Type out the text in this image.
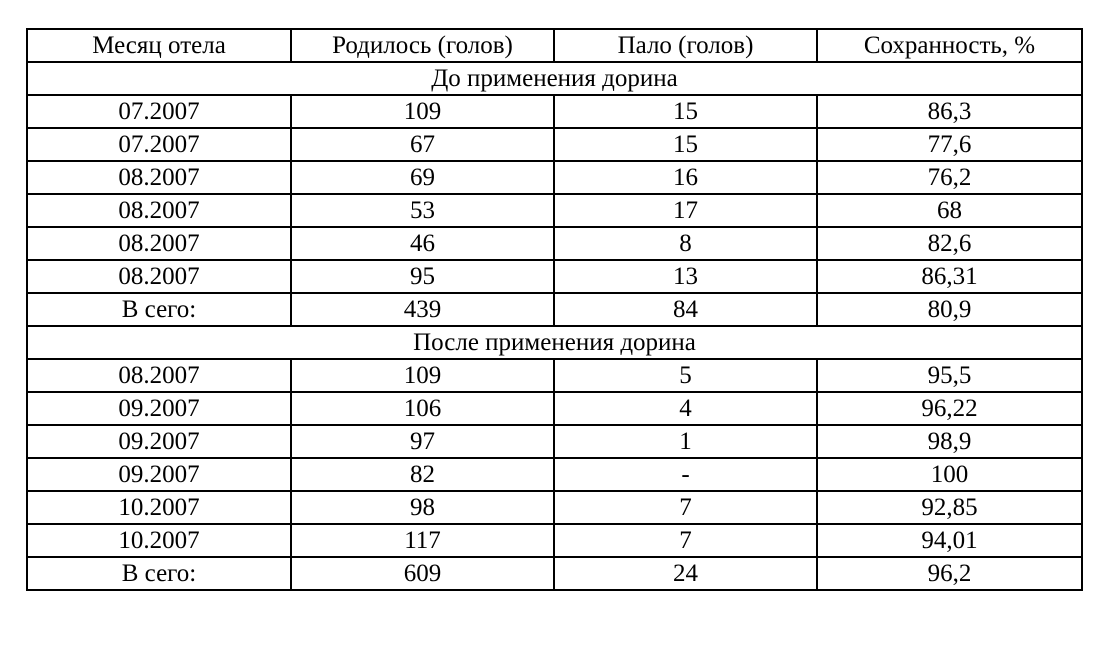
Месяц отела	Родилось (голов)	Пало (голов)	Сохранность, %
До применения дорина			
07.2007	109	15	86,3
07.2007	67	15	77,6
08.2007	69	16	76,2
08.2007	53	17	68
08.2007	46	8	82,6
08.2007	95	13	86,31
В сего:	439	84	80,9
После применения дорина			
08.2007	109	5	95,5
09.2007	106	4	96,22
09.2007	97	1	98,9
09.2007	82	-	100
10.2007	98	7	92,85
10.2007	117	7	94,01
В сего:	609	24	96,2
